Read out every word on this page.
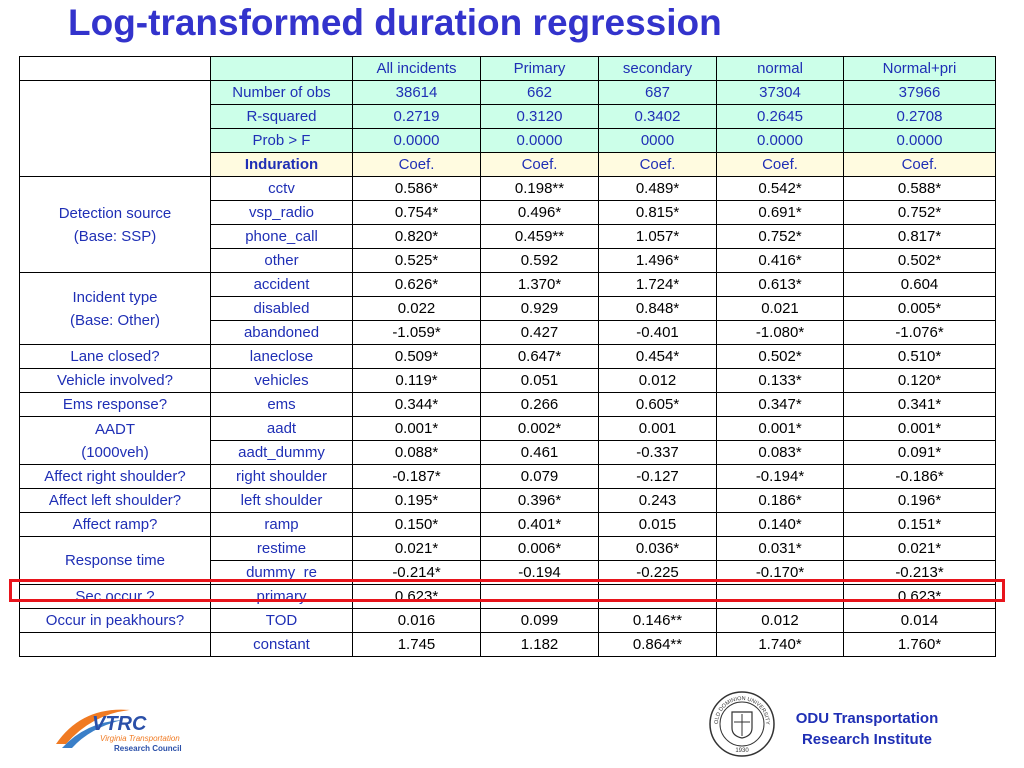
Log-transformed duration regression
		All incidents	Primary	secondary	normal	Normal+pri
	Number of obs	38614	662	687	37304	37966
	R-squared	0.2719	0.3120	0.3402	0.2645	0.2708
	Prob > F	0.0000	0.0000	0000	0.0000	0.0000
	Induration	Coef.	Coef.	Coef.	Coef.	Coef.

Detection source
(Base: SSP)	cctv	0.586*	0.198**	0.489*	0.542*	0.588*
	vsp_radio	0.754*	0.496*	0.815*	0.691*	0.752*
	phone_call	0.820*	0.459**	1.057*	0.752*	0.817*
	other	0.525*	0.592	1.496*	0.416*	0.502*

Incident type
(Base: Other)	accident	0.626*	1.370*	1.724*	0.613*	0.604
	disabled	0.022	0.929	0.848*	0.021	0.005*
	abandoned	-1.059*	0.427	-0.401	-1.080*	-1.076*

Lane closed?	laneclose	0.509*	0.647*	0.454*	0.502*	0.510*

Vehicle involved?	vehicles	0.119*	0.051	0.012	0.133*	0.120*

Ems response?	ems	0.344*	0.266	0.605*	0.347*	0.341*

AADT
(1000veh)	aadt	0.001*	0.002*	0.001	0.001*	0.001*
	aadt_dummy	0.088*	0.461	-0.337	0.083*	0.091*

Affect right shoulder?	right shoulder	-0.187*	0.079	-0.127	-0.194*	-0.186*

Affect left shoulder?	left shoulder	0.195*	0.396*	0.243	0.186*	0.196*

Affect ramp?	ramp	0.150*	0.401*	0.015	0.140*	0.151*

Response time	restime	0.021*	0.006*	0.036*	0.031*	0.021*
	dummy_re	-0.214*	-0.194	-0.225	-0.170*	-0.213*

Sec occur ?	primary	0.623*				0.623*

Occur in peakhours?	TOD	0.016	0.099	0.146**	0.012	0.014

	constant	1.745	1.182	0.864**	1.740*	1.760*
VTRC
Virginia Transportation
Research Council
OLD DOMINION UNIVERSITY
1930
ODU Transportation
Research Institute
